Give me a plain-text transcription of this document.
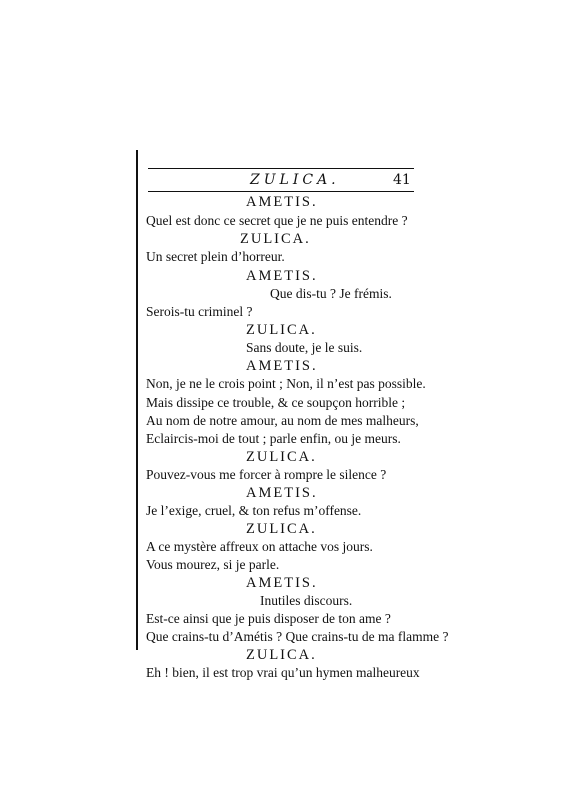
ZULICA.	41
AMETIS.
Quel est donc ce secret que je ne puis entendre ?
ZULICA.
Un secret plein d’horreur.
AMETIS.
Que dis-tu ? Je frémis.
Serois-tu criminel ?
ZULICA.
Sans doute, je le suis.
AMETIS.
Non, je ne le crois point ; Non, il n’est pas possible.
Mais dissipe ce trouble, & ce soupçon horrible ;
Au nom de notre amour, au nom de mes malheurs,
Eclaircis-moi de tout ; parle enfin, ou je meurs.
ZULICA.
Pouvez-vous me forcer à rompre le silence ?
AMETIS.
Je l’exige, cruel, & ton refus m’offense.
ZULICA.
A ce mystère affreux on attache vos jours.
Vous mourez, si je parle.
AMETIS.
Inutiles discours.
Est-ce ainsi que je puis disposer de ton ame ?
Que crains-tu d’Amétis ? Que crains-tu de ma flamme ?
ZULICA.
Eh ! bien, il est trop vrai qu’un hymen malheureux
